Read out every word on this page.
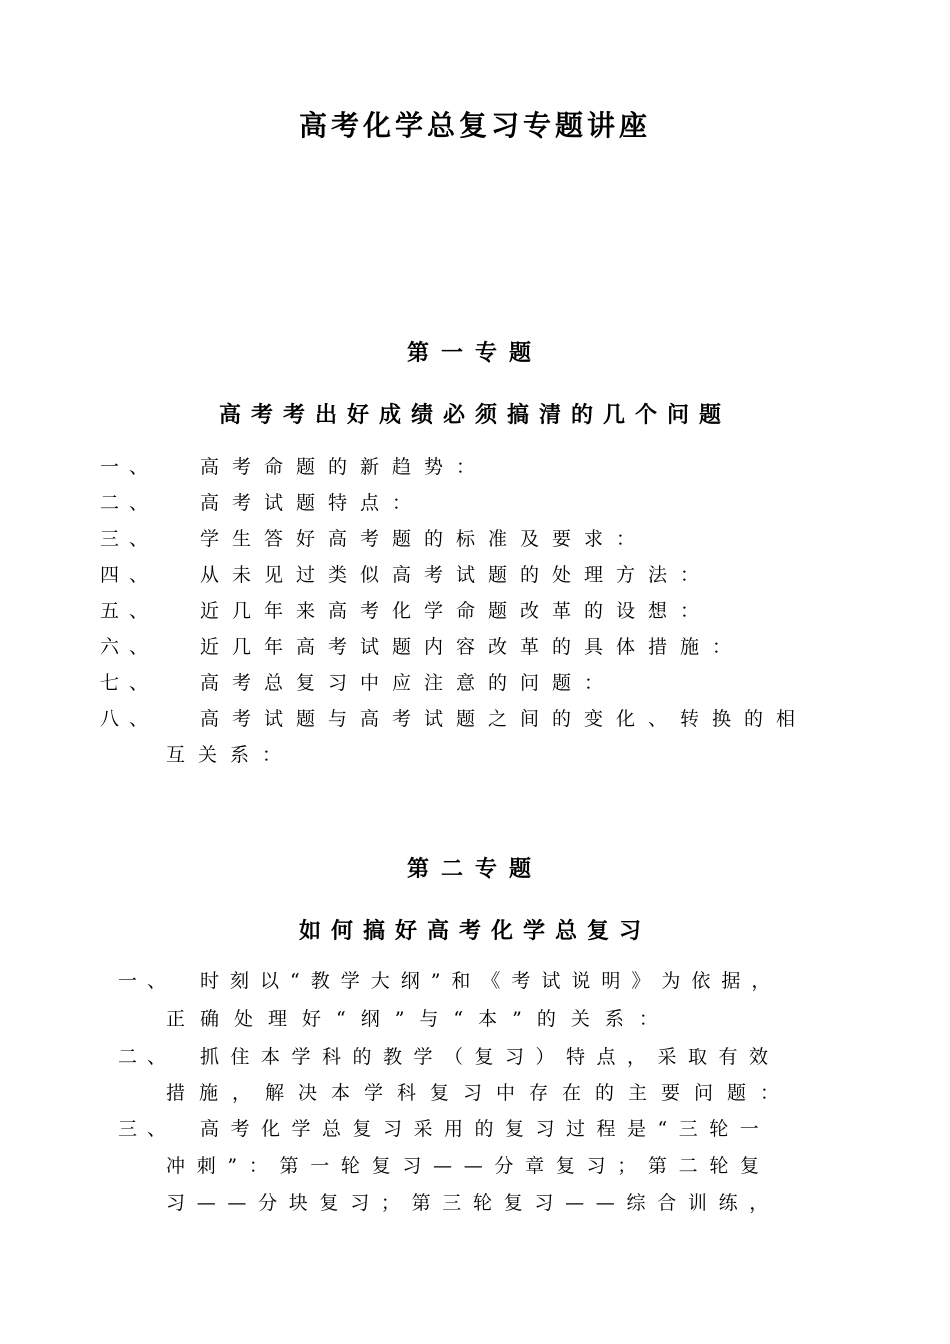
高考化学总复习专题讲座
第一专题
高考考出好成绩必须搞清的几个问题
一、 高考命题的新趋势：
二、 高考试题特点：
三、 学生答好高考题的标准及要求：
四、 从未见过类似高考试题的处理方法：
五、 近几年来高考化学命题改革的设想：
六、 近几年高考试题内容改革的具体措施：
七、 高考总复习中应注意的问题：
八、 高考试题与高考试题之间的变化、转换的相
互关系：
第二专题
如何搞好高考化学总复习
一、 时刻以“教学大纲”和《考试说明》为依据，
正确处理好“纲”与“本”的关系：
二、 抓住本学科的教学（复习）特点，采取有效
措施，解决本学科复习中存在的主要问题：
三、 高考化学总复习采用的复习过程是“三轮一
冲刺”：第一轮复习——分章复习；第二轮复
习——分块复习；第三轮复习——综合训练，
